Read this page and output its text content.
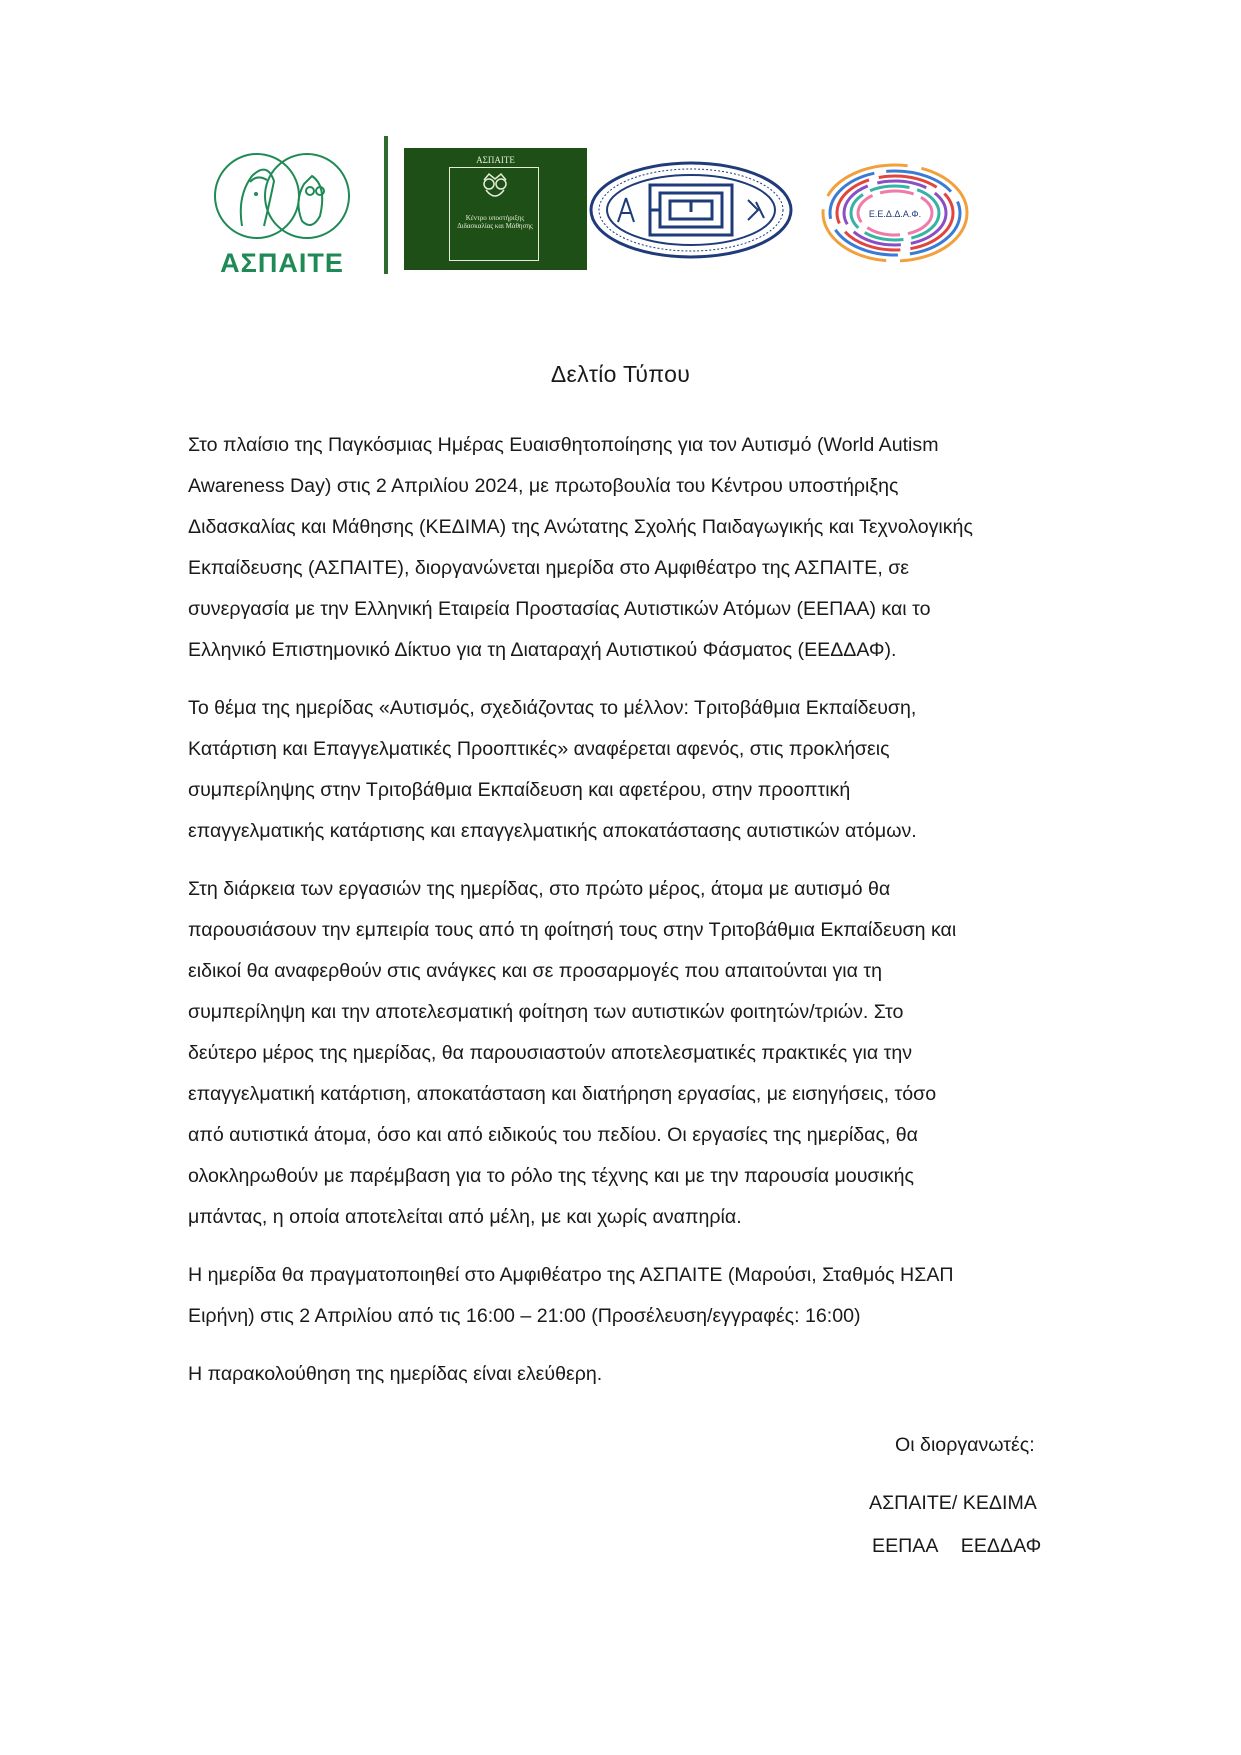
ΑΣΠΑΙΤΕ
ΑΣΠΑΙΤΕ
Κέντρο υποστήριξης Διδασκαλίας και Μάθησης
Ε.Ε.Δ.Δ.Α.Φ.
Δελτίο Τύπου

Στο πλαίσιο της Παγκόσμιας Ημέρας Ευαισθητοποίησης για τον Αυτισμό (World Autism
Awareness Day) στις 2 Απριλίου 2024, με πρωτοβουλία του Κέντρου υποστήριξης
Διδασκαλίας και Μάθησης (ΚΕΔΙΜΑ) της Ανώτατης Σχολής Παιδαγωγικής και Τεχνολογικής
Εκπαίδευσης (ΑΣΠΑΙΤΕ), διοργανώνεται ημερίδα στο Αμφιθέατρο της ΑΣΠΑΙΤΕ, σε
συνεργασία με την Ελληνική Εταιρεία Προστασίας Αυτιστικών Ατόμων (ΕΕΠΑΑ) και το
Ελληνικό Επιστημονικό Δίκτυο για τη Διαταραχή Αυτιστικού Φάσματος (ΕΕΔΔΑΦ).

Το θέμα της ημερίδας «Αυτισμός, σχεδιάζοντας το μέλλον: Τριτοβάθμια Εκπαίδευση,
Κατάρτιση και Επαγγελματικές Προοπτικές» αναφέρεται αφενός, στις προκλήσεις
συμπερίληψης στην Τριτοβάθμια Εκπαίδευση και αφετέρου, στην προοπτική
επαγγελματικής κατάρτισης και επαγγελματικής αποκατάστασης αυτιστικών ατόμων.

Στη διάρκεια των εργασιών της ημερίδας, στο πρώτο μέρος, άτομα με αυτισμό θα
παρουσιάσουν την εμπειρία τους από τη φοίτησή τους στην Τριτοβάθμια Εκπαίδευση και
ειδικοί θα αναφερθούν στις ανάγκες και σε προσαρμογές που απαιτούνται για τη
συμπερίληψη και την αποτελεσματική φοίτηση των αυτιστικών φοιτητών/τριών. Στο
δεύτερο μέρος της ημερίδας, θα παρουσιαστούν αποτελεσματικές πρακτικές για την
επαγγελματική κατάρτιση, αποκατάσταση και διατήρηση εργασίας, με εισηγήσεις, τόσο
από αυτιστικά άτομα, όσο και από ειδικούς του πεδίου. Οι εργασίες της ημερίδας, θα
ολοκληρωθούν με παρέμβαση για το ρόλο της τέχνης και με την παρουσία μουσικής
μπάντας, η οποία αποτελείται από μέλη, με και χωρίς αναπηρία.

Η ημερίδα θα πραγματοποιηθεί στο Αμφιθέατρο της ΑΣΠΑΙΤΕ (Μαρούσι, Σταθμός ΗΣΑΠ
Ειρήνη) στις 2 Απριλίου από τις 16:00 – 21:00 (Προσέλευση/εγγραφές: 16:00)

Η παρακολούθηση της ημερίδας είναι ελεύθερη.

Οι διοργανωτές:
ΑΣΠΑΙΤΕ/ ΚΕΔΙΜΑ
ΕΕΠΑΑ ΕΕΔΔΑΦ
